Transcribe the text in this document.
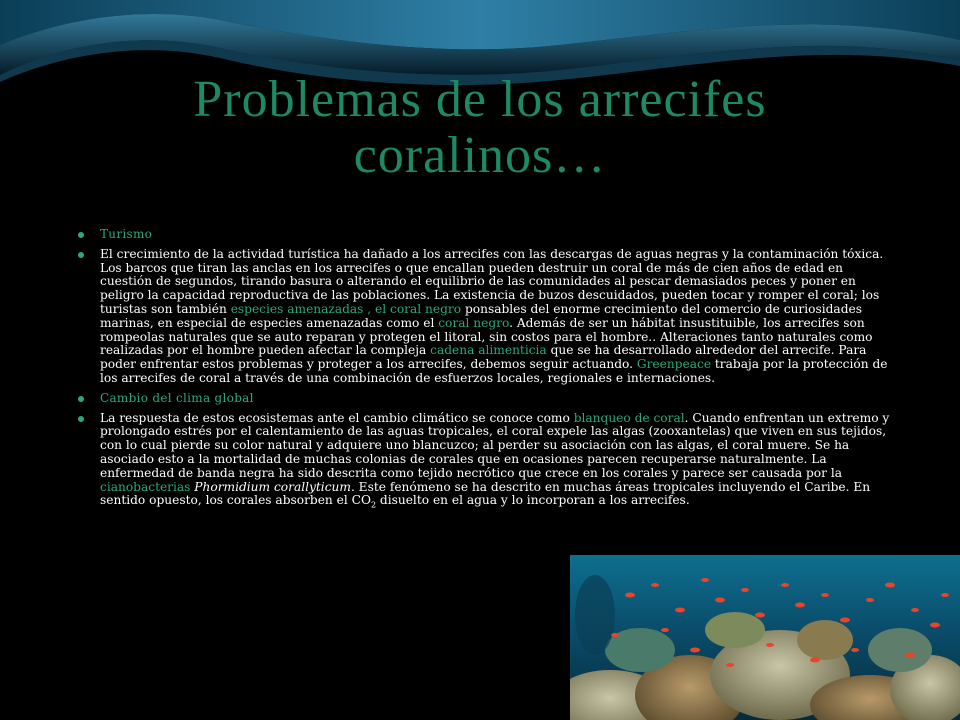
Problemas de los arrecifes
coralinos…
Turismo
El crecimiento de la actividad turística ha dañado a los arrecifes con las descargas de aguas negras y la contaminación tóxica. Los barcos que tiran las anclas en los arrecifes o que encallan pueden destruir un coral de más de cien años de edad en cuestión de segundos, tirando basura o alterando el equilibrio de las comunidades al pescar demasiados peces y poner en peligro la capacidad reproductiva de las poblaciones. La existencia de buzos descuidados, pueden tocar y romper el coral; los turistas son también especies amenazadas , el coral negro ponsables del enorme crecimiento del comercio de curiosidades marinas, en especial de especies amenazadas como el coral negro. Además de ser un hábitat insustituible, los arrecifes son rompeolas naturales que se auto reparan y protegen el litoral, sin costos para el hombre.. Alteraciones tanto naturales como realizadas por el hombre pueden afectar la compleja cadena alimenticia que se ha desarrollado alrededor del arrecife. Para poder enfrentar estos problemas y proteger a los arrecifes, debemos seguir actuando. Greenpeace trabaja por la protección de los arrecifes de coral a través de una combinación de esfuerzos locales, regionales e internaciones.
Cambio del clima global
La respuesta de estos ecosistemas ante el cambio climático se conoce como blanqueo de coral. Cuando enfrentan un extremo y prolongado estrés por el calentamiento de las aguas tropicales, el coral expele las algas (zooxantelas) que viven en sus tejidos, con lo cual pierde su color natural y adquiere uno blancuzco; al perder su asociación con las algas, el coral muere. Se ha asociado esto a la mortalidad de muchas colonias de corales que en ocasiones parecen recuperarse naturalmente. La enfermedad de banda negra ha sido descrita como tejido necrótico que crece en los corales y parece ser causada por la cianobacterias Phormidium corallyticum. Este fenómeno se ha descrito en muchas áreas tropicales incluyendo el Caribe. En sentido opuesto, los corales absorben el $CO_2$ disuelto en el agua y lo incorporan a los arrecifes.
